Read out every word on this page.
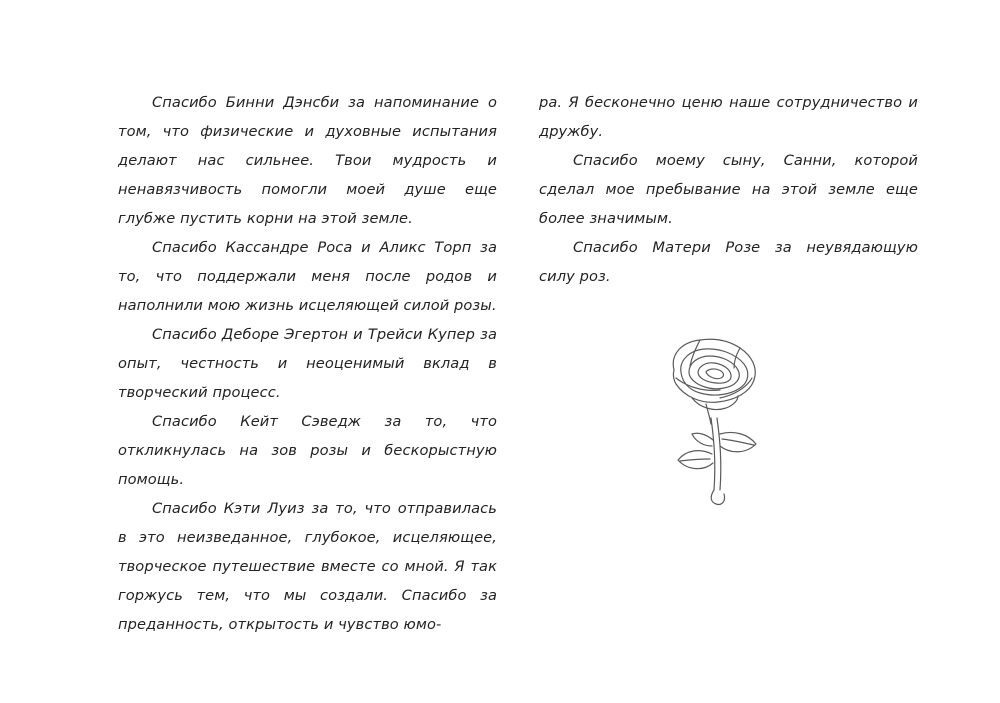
Спасибо Бинни Дэнсби за напоминание о том, что физические и духовные испытания делают нас сильнее. Твои мудрость и ненавязчивость помогли моей душе еще глубже пустить корни на этой земле.

Спасибо Кассандре Роса и Аликс Торп за то, что поддержали меня после родов и наполнили мою жизнь исцеляющей силой розы.

Спасибо Деборе Эгертон и Трейси Купер за опыт, честность и неоценимый вклад в творческий процесс.

Спасибо Кейт Сэведж за то, что откликнулась на зов розы и бескорыстную помощь.

Спасибо Кэти Луиз за то, что отправилась в это неизведанное, глубокое, исцеляющее, творческое путешествие вместе со мной. Я так горжусь тем, что мы создали. Спасибо за преданность, открытость и чувство юмо-

ра. Я бесконечно ценю наше сотрудничество и дружбу.

Спасибо моему сыну, Санни, которой сделал мое пребывание на этой земле еще более значимым.

Спасибо Матери Розе за неувядающую силу роз.
